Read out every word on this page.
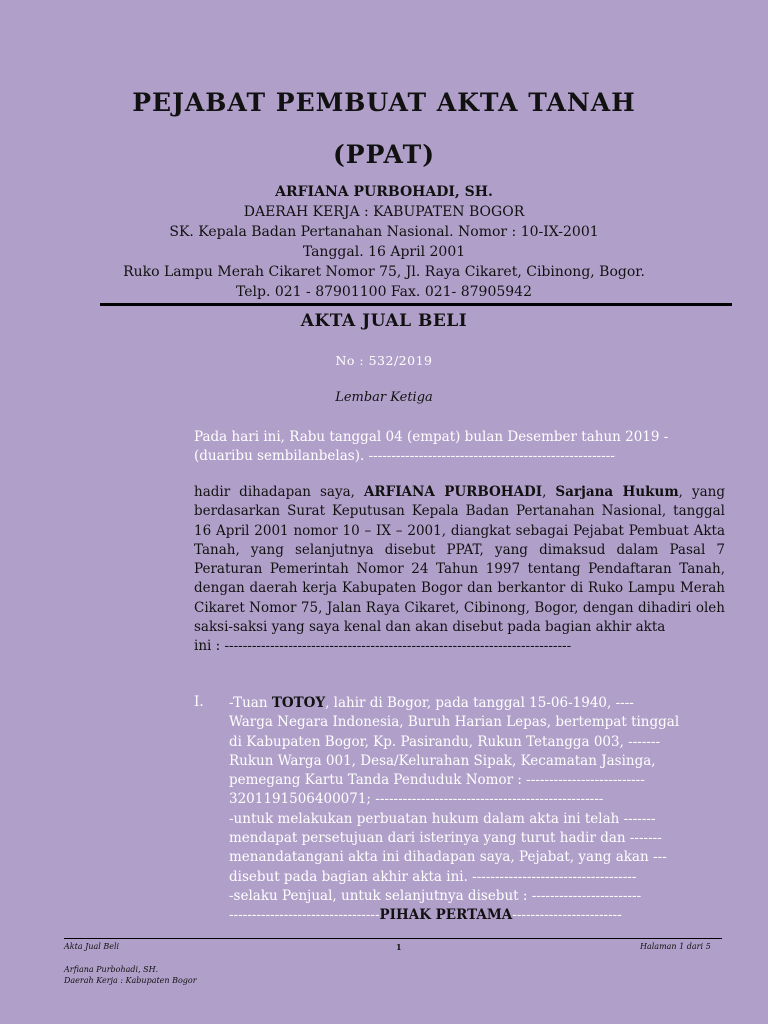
PEJABAT PEMBUAT AKTA TANAH
(PPAT)
ARFIANA PURBOHADI, SH.
DAERAH KERJA : KABUPATEN BOGOR
SK. Kepala Badan Pertanahan Nasional. Nomor : 10-IX-2001
Tanggal. 16 April 2001
Ruko Lampu Merah Cikaret Nomor 75, Jl. Raya Cikaret, Cibinong, Bogor.
Telp. 021 - 87901100 Fax. 021- 87905942
AKTA JUAL BELI
No : 532/2019
Lembar Ketiga
Pada hari ini, Rabu tanggal 04 (empat) bulan Desember tahun 2019 -
(duaribu sembilanbelas). ------------------------------------------------------
hadir dihadapan saya, ARFIANA PURBOHADI, Sarjana Hukum, yang berdasarkan Surat Keputusan Kepala Badan Pertanahan Nasional, tanggal 16 April 2001 nomor 10 – IX – 2001, diangkat sebagai Pejabat Pembuat Akta Tanah, yang selanjutnya disebut PPAT, yang dimaksud dalam Pasal 7 Peraturan Pemerintah Nomor 24 Tahun 1997 tentang Pendaftaran Tanah, dengan daerah kerja Kabupaten Bogor dan berkantor di Ruko Lampu Merah Cikaret Nomor 75, Jalan Raya Cikaret, Cibinong, Bogor, dengan dihadiri oleh saksi-saksi yang saya kenal dan akan disebut pada bagian akhir akta
ini : ----------------------------------------------------------------------------
I. -Tuan TOTOY, lahir di Bogor, pada tanggal 15-06-1940, ----
Warga Negara Indonesia, Buruh Harian Lepas, bertempat tinggal
di Kabupaten Bogor, Kp. Pasirandu, Rukun Tetangga 003, -------
Rukun Warga 001, Desa/Kelurahan Sipak, Kecamatan Jasinga,
pemegang Kartu Tanda Penduduk Nomor : --------------------------
3201191506400071; --------------------------------------------------
-untuk melakukan perbuatan hukum dalam akta ini telah -------
mendapat persetujuan dari isterinya yang turut hadir dan -------
menandatangani akta ini dihadapan saya, Pejabat, yang akan ---
disebut pada bagian akhir akta ini. ------------------------------------
-selaku Penjual, untuk selanjutnya disebut : ------------------------
---------------------------------PIHAK PERTAMA------------------------
Akta Jual Beli	1	Halaman 1 dari 5
Arfiana Purbohadi, SH.
Daerah Kerja : Kabupaten Bogor
